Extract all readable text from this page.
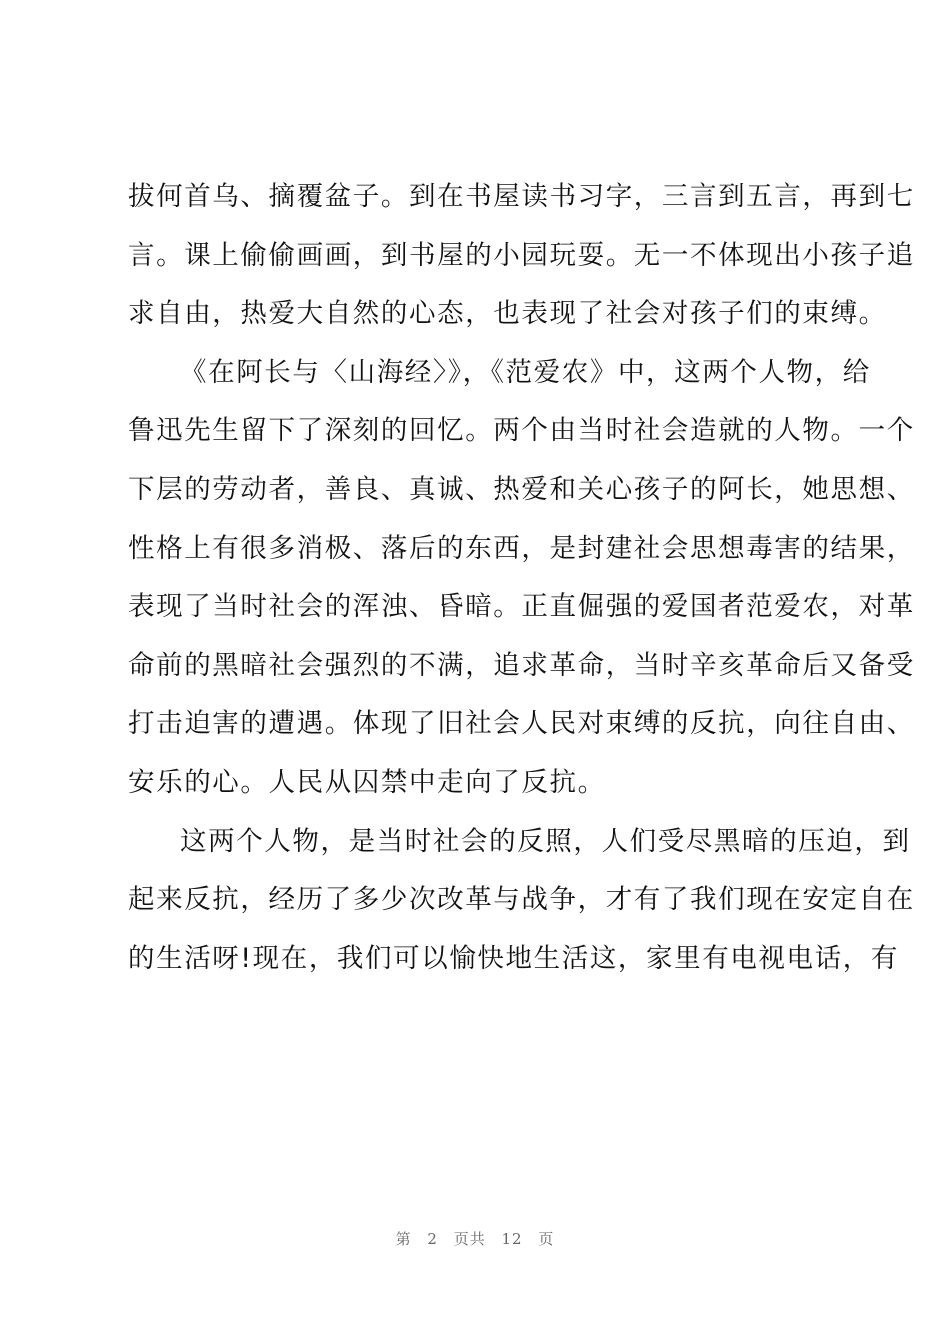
拔何首乌、摘覆盆子。到在书屋读书习字，三言到五言，再到七
言。课上偷偷画画，到书屋的小园玩耍。无一不体现出小孩子追
求自由，热爱大自然的心态，也表现了社会对孩子们的束缚。
《在阿长与〈山海经〉》，《范爱农》中，这两个人物，给
鲁迅先生留下了深刻的回忆。两个由当时社会造就的人物。一个
下层的劳动者，善良、真诚、热爱和关心孩子的阿长，她思想、
性格上有很多消极、落后的东西，是封建社会思想毒害的结果，
表现了当时社会的浑浊、昏暗。正直倔强的爱国者范爱农，对革
命前的黑暗社会强烈的不满，追求革命，当时辛亥革命后又备受
打击迫害的遭遇。体现了旧社会人民对束缚的反抗，向往自由、
安乐的心。人民从囚禁中走向了反抗。
这两个人物，是当时社会的反照，人们受尽黑暗的压迫，到
起来反抗，经历了多少次改革与战争，才有了我们现在安定自在
的生活呀!现在，我们可以愉快地生活这，家里有电视电话，有
第 2 页共 12 页
